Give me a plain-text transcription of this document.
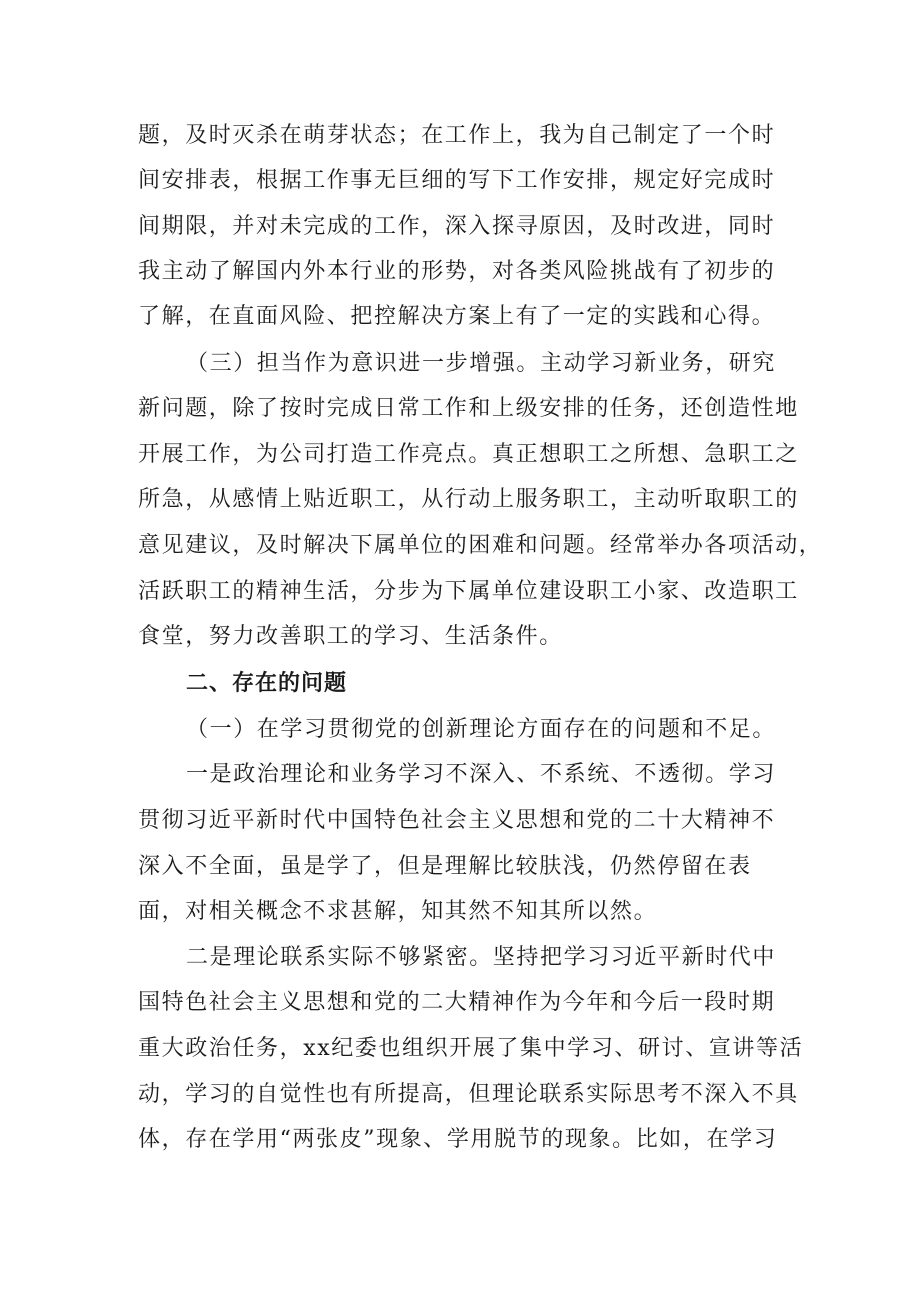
题，及时灭杀在萌芽状态；在工作上，我为自己制定了一个时
间安排表，根据工作事无巨细的写下工作安排，规定好完成时
间期限，并对未完成的工作，深入探寻原因，及时改进，同时
我主动了解国内外本行业的形势，对各类风险挑战有了初步的
了解，在直面风险、把控解决方案上有了一定的实践和心得。
（三）担当作为意识进一步增强。主动学习新业务，研究
新问题，除了按时完成日常工作和上级安排的任务，还创造性地
开展工作，为公司打造工作亮点。真正想职工之所想、急职工之
所急，从感情上贴近职工，从行动上服务职工，主动听取职工的
意见建议，及时解决下属单位的困难和问题。经常举办各项活动，
活跃职工的精神生活，分步为下属单位建设职工小家、改造职工
食堂，努力改善职工的学习、生活条件。
二、存在的问题
（一）在学习贯彻党的创新理论方面存在的问题和不足。
一是政治理论和业务学习不深入、不系统、不透彻。学习
贯彻习近平新时代中国特色社会主义思想和党的二十大精神不
深入不全面，虽是学了，但是理解比较肤浅，仍然停留在表
面，对相关概念不求甚解，知其然不知其所以然。
二是理论联系实际不够紧密。坚持把学习习近平新时代中
国特色社会主义思想和党的二大精神作为今年和今后一段时期
重大政治任务，xx纪委也组织开展了集中学习、研讨、宣讲等活
动，学习的自觉性也有所提高，但理论联系实际思考不深入不具
体，存在学用“两张皮”现象、学用脱节的现象。比如，在学习
